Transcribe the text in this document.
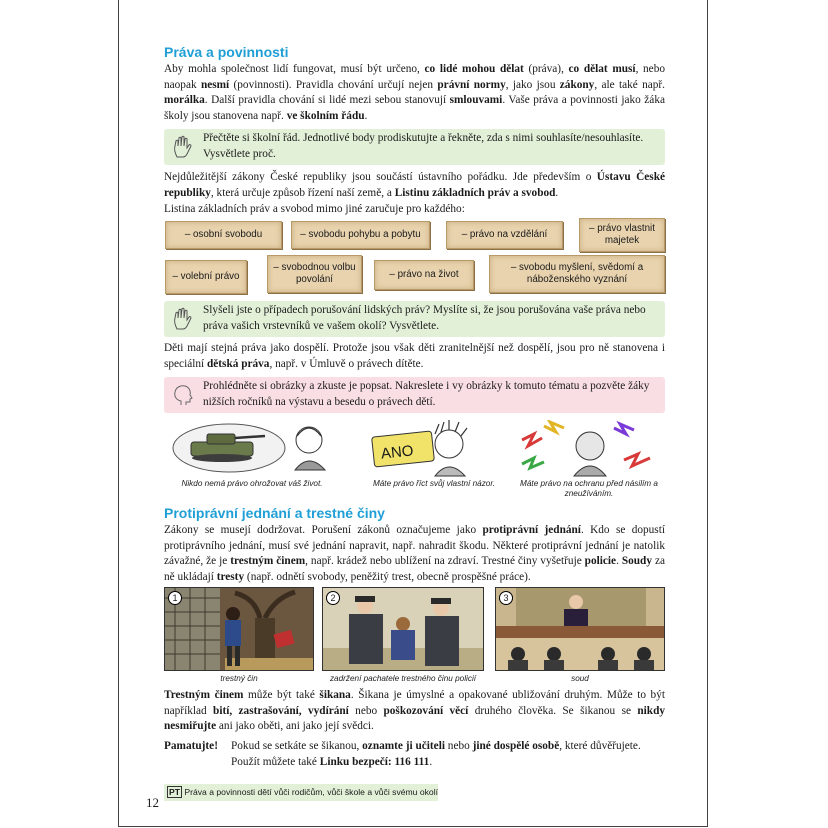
Práva a povinnosti
Aby mohla společnost lidí fungovat, musí být určeno, co lidé mohou dělat (práva), co dělat musí, nebo naopak nesmí (povinnosti). Pravidla chování určují nejen právní normy, jako jsou zákony, ale také např. morálka. Další pravidla chování si lidé mezi sebou stanovují smlouvami. Vaše práva a povinnosti jako žáka školy jsou stanovena např. ve školním řádu.
Přečtěte si školní řád. Jednotlivé body prodiskutujte a řekněte, zda s nimi souhlasíte/nesouhlasíte. Vysvětlete proč.
Nejdůležitější zákony České republiky jsou součástí ústavního pořádku. Jde především o Ústavu České republiky, která určuje způsob řízení naší země, a Listinu základních práv a svobod.
Listina základních práv a svobod mimo jiné zaručuje pro každého:
– osobní svobodu	– svobodu pohybu a pobytu	– právo na vzdělání
– právo vlastnit majetek
– volební právo
– svobodnou volbu povolání	– právo na život
– svobodu myšlení, svědomí a náboženského vyznání
Slyšeli jste o případech porušování lidských práv? Myslíte si, že jsou porušována vaše práva nebo práva vašich vrstevníků ve vašem okolí? Vysvětlete.
Děti mají stejná práva jako dospělí. Protože jsou však děti zranitelnější než dospělí, jsou pro ně stanovena i speciální dětská práva, např. v Úmluvě o právech dítěte.
Prohlédněte si obrázky a zkuste je popsat. Nakreslete i vy obrázky k tomuto tématu a pozvěte žáky nižších ročníků na výstavu a besedu o právech dětí.
Nikdo nemá právo ohrožovat váš život.
ANO
Máte právo říct svůj vlastní názor.	Máte právo na ochranu před násilím a zneužíváním.
Protiprávní jednání a trestné činy
Zákony se musejí dodržovat. Porušení zákonů označujeme jako protiprávní jednání. Kdo se dopustí protiprávního jednání, musí své jednání napravit, např. nahradit škodu. Některé protiprávní jednání je natolik závažné, že je trestným činem, např. krádež nebo ublížení na zdraví. Trestné činy vyšetřuje policie. Soudy za ně ukládají tresty (např. odnětí svobody, peněžitý trest, obecně prospěšné práce).
1
trestný čin
2
zadržení pachatele trestného činu policií
3
soud
Trestným činem může být také šikana. Šikana je úmyslné a opakované ubližování druhým. Může to být například bití, zastrašování, vydírání nebo poškozování věcí druhého člověka. Se šikanou se nikdy nesmiřujte ani jako oběti, ani jako její svědci.
Pamatujte! Pokud se setkáte se šikanou, oznamte ji učiteli nebo jiné dospělé osobě, které důvěřujete. Použít můžete také Linku bezpečí: 116 111.
PT Práva a povinnosti dětí vůči rodičům, vůči škole a vůči svému okolí
12
